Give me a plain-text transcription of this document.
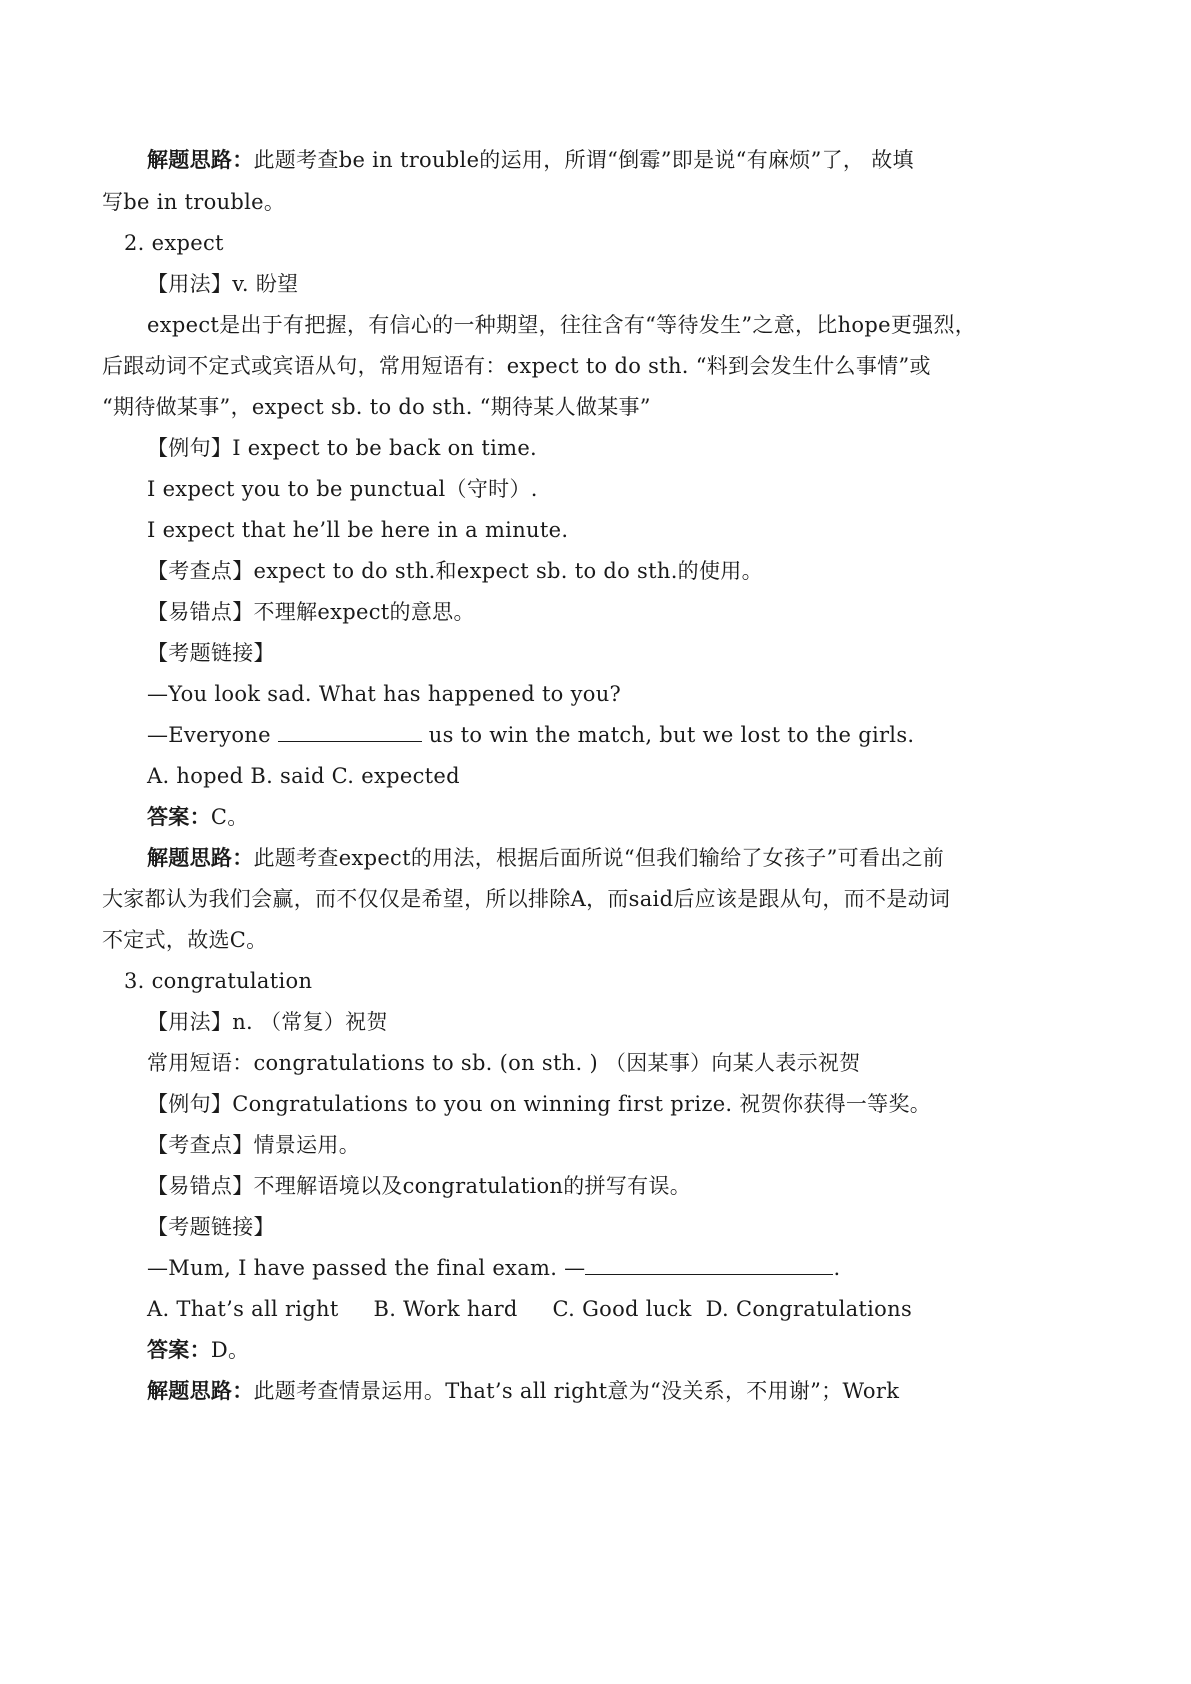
解题思路：此题考查be in trouble的运用，所谓“倒霉”即是说“有麻烦”了， 故填
写be in trouble。
2. expect
【用法】v. 盼望
expect是出于有把握，有信心的一种期望，往往含有“等待发生”之意，比hope更强烈，
后跟动词不定式或宾语从句，常用短语有：expect to do sth. “料到会发生什么事情”或
“期待做某事”，expect sb. to do sth. “期待某人做某事”
【例句】I expect to be back on time.
I expect you to be punctual（守时）.
I expect that he’ll be here in a minute.
【考查点】expect to do sth.和expect sb. to do sth.的使用。
【易错点】不理解expect的意思。
【考题链接】
—You look sad. What has happened to you?
—Everyone	us to win the match, but we lost to the girls.
A. hoped B. said C. expected
答案：C。
解题思路：此题考查expect的用法，根据后面所说“但我们输给了女孩子”可看出之前
大家都认为我们会赢，而不仅仅是希望，所以排除A，而said后应该是跟从句，而不是动词
不定式，故选C。
3. congratulation
【用法】n. （常复）祝贺
常用短语：congratulations to sb. (on sth. ) （因某事）向某人表示祝贺
【例句】Congratulations to you on winning first prize. 祝贺你获得一等奖。
【考查点】情景运用。
【易错点】不理解语境以及congratulation的拼写有误。
【考题链接】
—Mum, I have passed the final exam. —	.
A. That’s all right     B. Work hard     C. Good luck  D. Congratulations
答案：D。
解题思路：此题考查情景运用。That’s all right意为“没关系，不用谢”；Work
